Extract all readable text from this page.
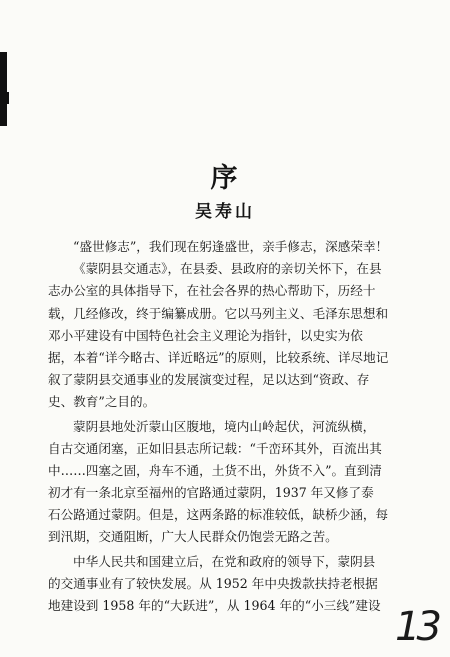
序
吴寿山
“盛世修志”，我们现在躬逢盛世，亲手修志，深感荣幸！
《蒙阴县交通志》，在县委、县政府的亲切关怀下，在县
志办公室的具体指导下，在社会各界的热心帮助下，历经十
载，几经修改，终于编纂成册。它以马列主义、毛泽东思想和
邓小平建设有中国特色社会主义理论为指针，以史实为依
据，本着“详今略古、详近略远”的原则，比较系统、详尽地记
叙了蒙阴县交通事业的发展演变过程，足以达到“资政、存
史、教育”之目的。
蒙阴县地处沂蒙山区腹地，境内山岭起伏，河流纵横，
自古交通闭塞，正如旧县志所记载：“千峦环其外，百流出其
中……四塞之固，舟车不通，土货不出，外货不入”。直到清
初才有一条北京至福州的官路通过蒙阴，1937 年又修了泰
石公路通过蒙阴。但是，这两条路的标准较低，缺桥少涵，每
到汛期，交通阻断，广大人民群众仍饱尝无路之苦。
中华人民共和国建立后，在党和政府的领导下，蒙阴县
的交通事业有了较快发展。从 1952 年中央拨款扶持老根据
地建设到 1958 年的“大跃进”，从 1964 年的“小三线”建设 13
